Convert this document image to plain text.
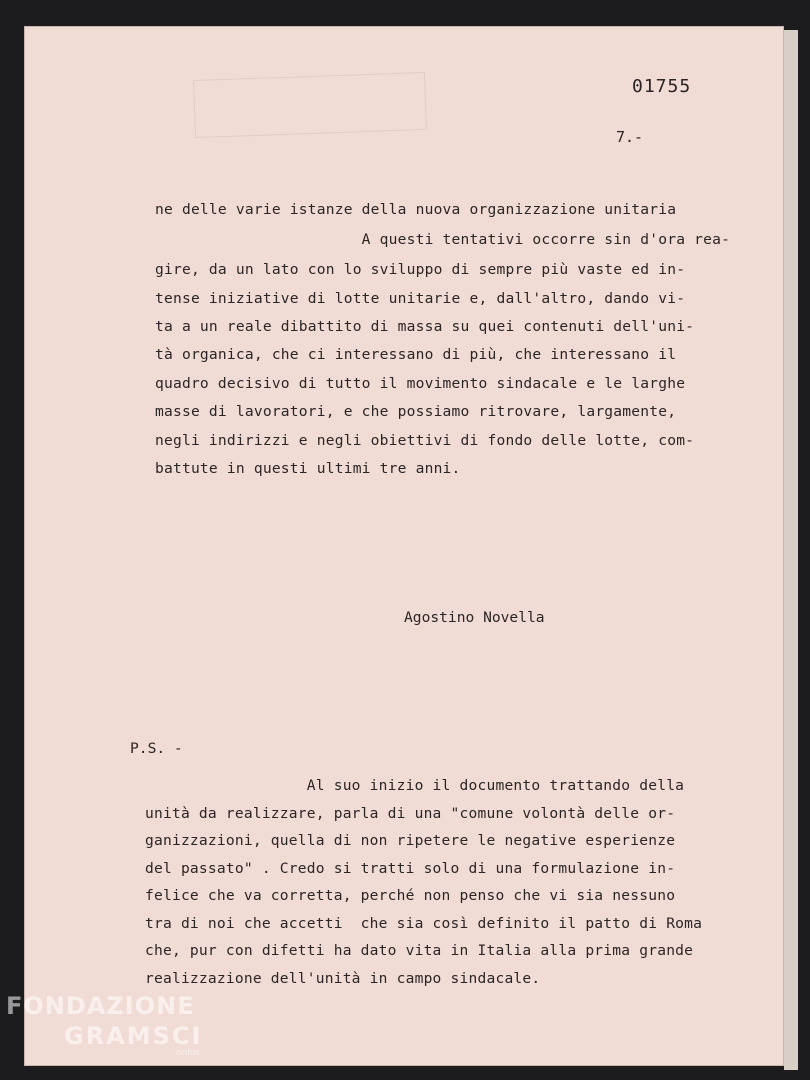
01755
7.-
ne delle varie istanze della nuova organizzazione unitaria
A questi tentativi occorre sin d'ora rea-
gire, da un lato con lo sviluppo di sempre più vaste ed in-
tense iniziative di lotte unitarie e, dall'altro, dando vi-
ta a un reale dibattito di massa su quei contenuti dell'uni-
tà organica, che ci interessano di più, che interessano il
quadro decisivo di tutto il movimento sindacale e le larghe
masse di lavoratori, e che possiamo ritrovare, largamente,
negli indirizzi e negli obiettivi di fondo delle lotte, com-
battute in questi ultimi tre anni.
Agostino Novella
P.S. -
Al suo inizio il documento trattando della
unità da realizzare, parla di una "comune volontà delle or-
ganizzazioni, quella di non ripetere le negative esperienze
del passato" . Credo si tratti solo di una formulazione in-
felice che va corretta, perché non penso che vi sia nessuno
tra di noi che accetti  che sia così definito il patto di Roma
che, pur con difetti ha dato vita in Italia alla prima grande
realizzazione dell'unità in campo sindacale.
FONDAZIONE
GRAMSCI
onlus
